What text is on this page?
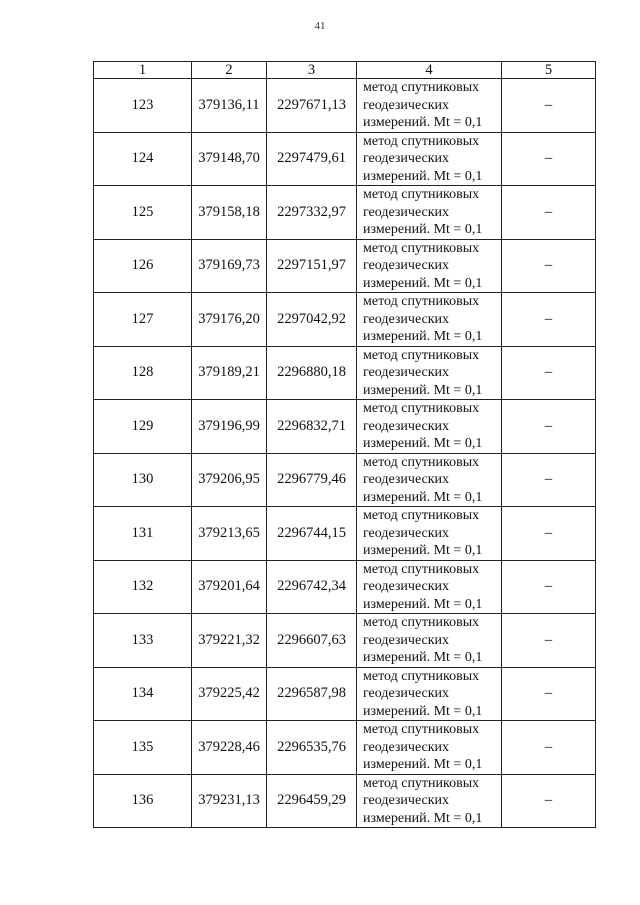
41
1	2	3	4	5
123	379136,11	2297671,13	метод спутниковых
геодезических
измерений. Mt = 0,1	–
124	379148,70	2297479,61	метод спутниковых
геодезических
измерений. Mt = 0,1	–
125	379158,18	2297332,97	метод спутниковых
геодезических
измерений. Mt = 0,1	–
126	379169,73	2297151,97	метод спутниковых
геодезических
измерений. Mt = 0,1	–
127	379176,20	2297042,92	метод спутниковых
геодезических
измерений. Mt = 0,1	–
128	379189,21	2296880,18	метод спутниковых
геодезических
измерений. Mt = 0,1	–
129	379196,99	2296832,71	метод спутниковых
геодезических
измерений. Mt = 0,1	–
130	379206,95	2296779,46	метод спутниковых
геодезических
измерений. Mt = 0,1	–
131	379213,65	2296744,15	метод спутниковых
геодезических
измерений. Mt = 0,1	–
132	379201,64	2296742,34	метод спутниковых
геодезических
измерений. Mt = 0,1	–
133	379221,32	2296607,63	метод спутниковых
геодезических
измерений. Mt = 0,1	–
134	379225,42	2296587,98	метод спутниковых
геодезических
измерений. Mt = 0,1	–
135	379228,46	2296535,76	метод спутниковых
геодезических
измерений. Mt = 0,1	–
136	379231,13	2296459,29	метод спутниковых
геодезических
измерений. Mt = 0,1	–
